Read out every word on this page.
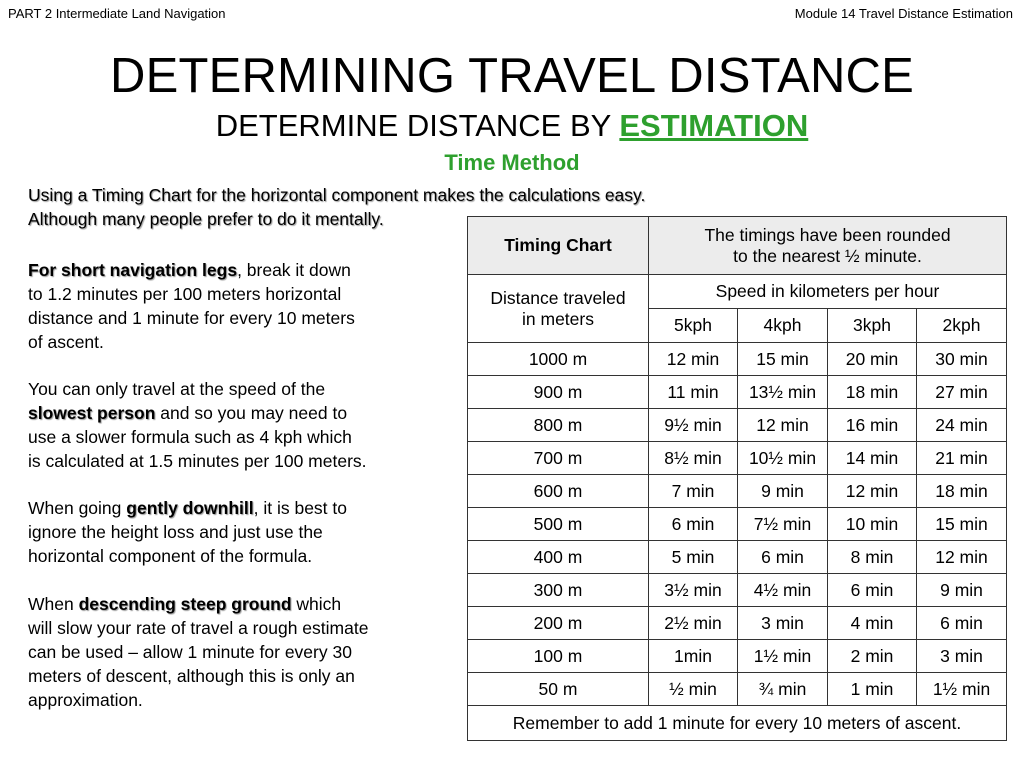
PART 2 Intermediate Land Navigation	Module 14 Travel Distance Estimation
DETERMINING TRAVEL DISTANCE
DETERMINE DISTANCE BY ESTIMATION
Time Method
Using a Timing Chart for the horizontal component makes the calculations easy.
Although many people prefer to do it mentally.
For short navigation legs, break it down
to 1.2 minutes per 100 meters horizontal
distance and 1 minute for every 10 meters
of ascent.
You can only travel at the speed of the
slowest person and so you may need to
use a slower formula such as 4 kph which
is calculated at 1.5 minutes per 100 meters.
When going gently downhill, it is best to
ignore the height loss and just use the
horizontal component of the formula.
When descending steep ground which
will slow your rate of travel a rough estimate
can be used – allow 1 minute for every 30
meters of descent, although this is only an
approximation.
Timing Chart	The timings have been rounded
to the nearest ½ minute.			

Distance traveled
in meters	Speed in kilometers per hour			
	5kph	4kph	3kph	2kph
1000 m	12 min	15 min	20 min	30 min
900 m	11 min	13½ min	18 min	27 min
800 m	9½ min	12 min	16 min	24 min
700 m	8½ min	10½ min	14 min	21 min
600 m	7 min	9 min	12 min	18 min
500 m	6 min	7½ min	10 min	15 min
400 m	5 min	6 min	8 min	12 min
300 m	3½ min	4½ min	6 min	9 min
200 m	2½ min	3 min	4 min	6 min
100 m	1min	1½ min	2 min	3 min
50 m	½ min	¾ min	1 min	1½ min
Remember to add 1 minute for every 10 meters of ascent.				
